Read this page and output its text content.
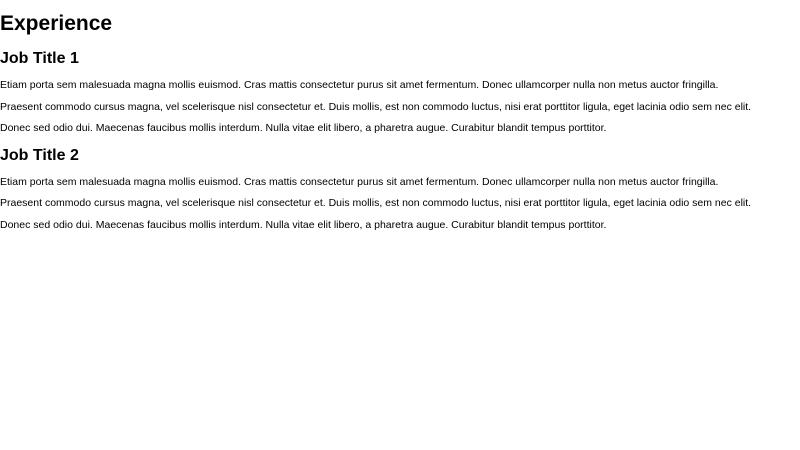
Experience
Job Title 1

Etiam porta sem malesuada magna mollis euismod. Cras mattis consectetur purus sit amet fermentum. Donec ullamcorper nulla non metus auctor fringilla.

Praesent commodo cursus magna, vel scelerisque nisl consectetur et. Duis mollis, est non commodo luctus, nisi erat porttitor ligula, eget lacinia odio sem nec elit.

Donec sed odio dui. Maecenas faucibus mollis interdum. Nulla vitae elit libero, a pharetra augue. Curabitur blandit tempus porttitor.

Job Title 2

Etiam porta sem malesuada magna mollis euismod. Cras mattis consectetur purus sit amet fermentum. Donec ullamcorper nulla non metus auctor fringilla.

Praesent commodo cursus magna, vel scelerisque nisl consectetur et. Duis mollis, est non commodo luctus, nisi erat porttitor ligula, eget lacinia odio sem nec elit.

Donec sed odio dui. Maecenas faucibus mollis interdum. Nulla vitae elit libero, a pharetra augue. Curabitur blandit tempus porttitor.
